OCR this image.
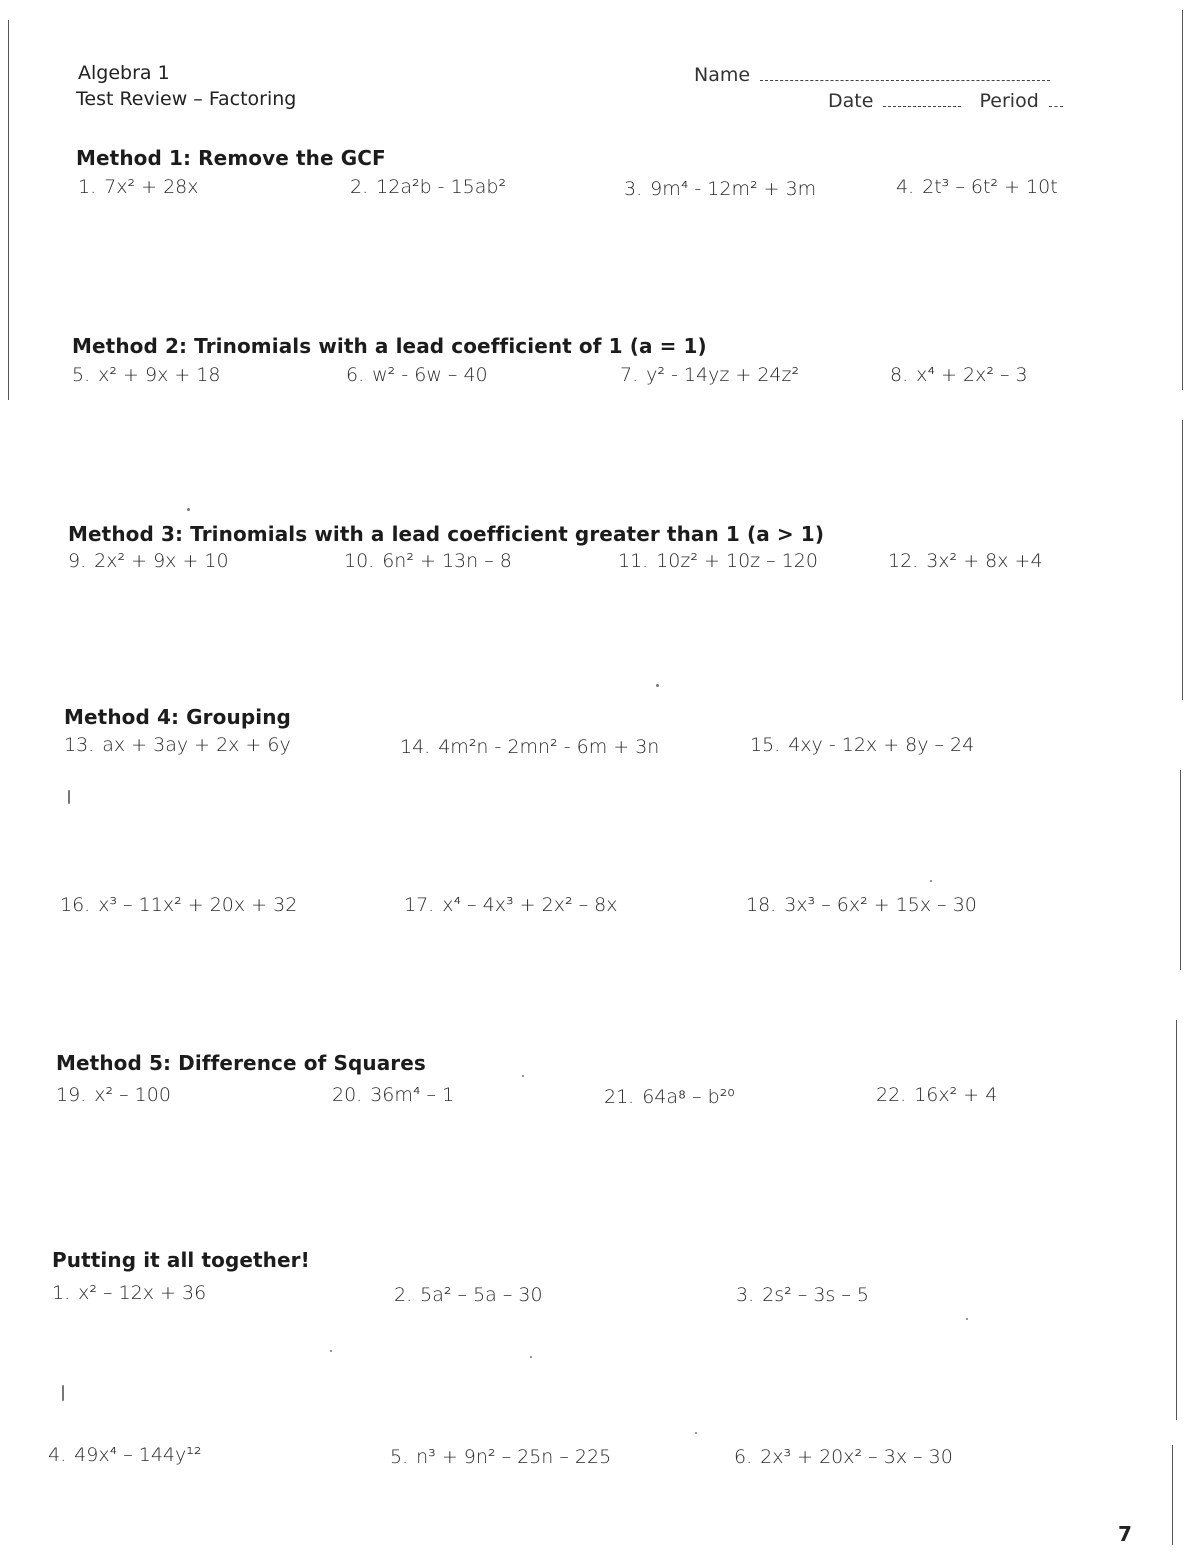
Algebra 1
Test Review – Factoring
Name
Date	Period
Method 1: Remove the GCF
1. 7x² + 28x	2. 12a²b - 15ab²	3. 9m⁴ - 12m² + 3m	4. 2t³ – 6t² + 10t
Method 2: Trinomials with a lead coefficient of 1 (a = 1)
5. x² + 9x + 18	6. w² - 6w – 40	7. y² - 14yz + 24z²	8. x⁴ + 2x² – 3
Method 3: Trinomials with a lead coefficient greater than 1 (a > 1)
9. 2x² + 9x + 10	10. 6n² + 13n – 8	11. 10z² + 10z – 120	12. 3x² + 8x +4
Method 4: Grouping
13. ax + 3ay + 2x + 6y	14. 4m²n - 2mn² - 6m + 3n	15. 4xy - 12x + 8y – 24
16. x³ – 11x² + 20x + 32	17. x⁴ – 4x³ + 2x² – 8x	18. 3x³ – 6x² + 15x – 30
Method 5: Difference of Squares
19. x² – 100	20. 36m⁴ – 1	21. 64a⁸ – b²⁰	22. 16x² + 4
Putting it all together!
1. x² – 12x + 36	2. 5a² – 5a – 30	3. 2s² – 3s – 5
4. 49x⁴ – 144y¹²	5. n³ + 9n² – 25n – 225	6. 2x³ + 20x² – 3x – 30
7
